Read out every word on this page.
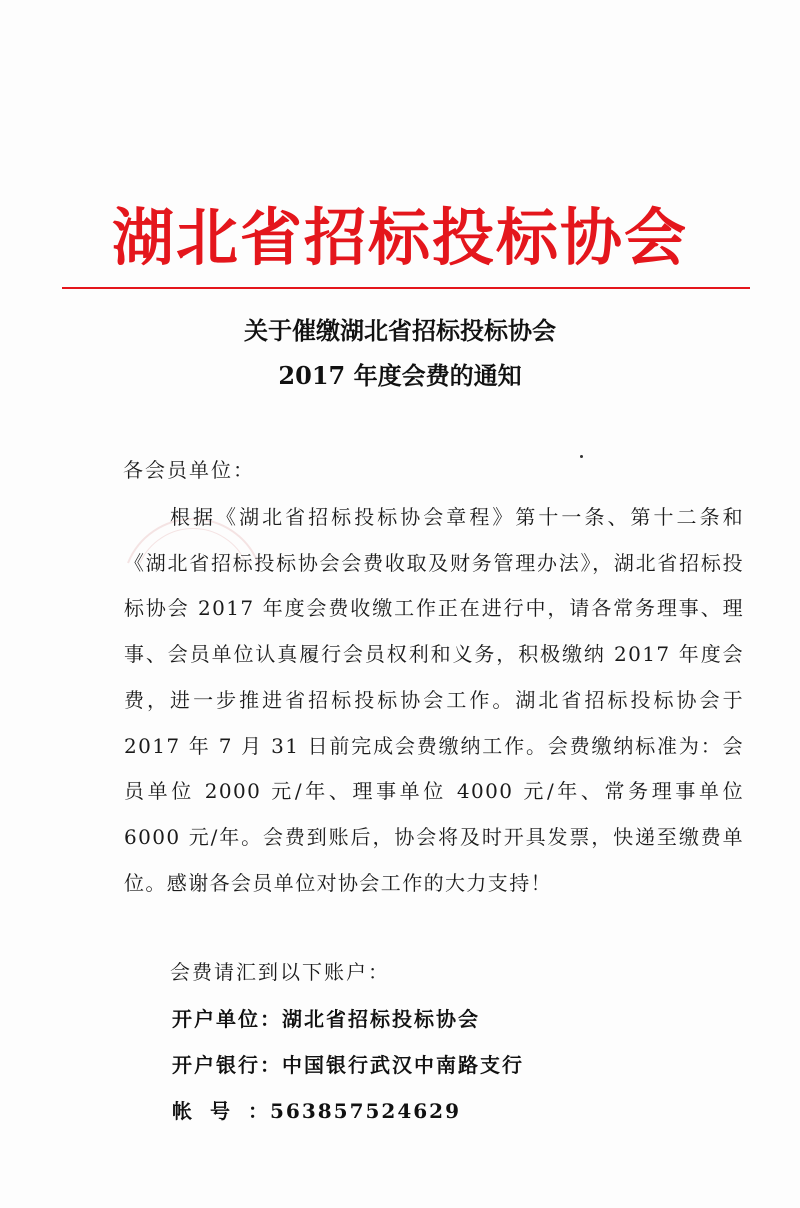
湖北省招标投标协会
关于催缴湖北省招标投标协会
2017 年度会费的通知
各会员单位：
根据《湖北省招标投标协会章程》第十一条、第十二条和《湖北省招标投标协会会费收取及财务管理办法》，湖北省招标投标协会 2017 年度会费收缴工作正在进行中，请各常务理事、理事、会员单位认真履行会员权利和义务，积极缴纳 2017 年度会费，进一步推进省招标投标协会工作。湖北省招标投标协会于2017 年 7 月 31 日前完成会费缴纳工作。会费缴纳标准为：会员单位 2000 元/年、理事单位 4000 元/年、常务理事单位 6000 元/年。会费到账后，协会将及时开具发票，快递至缴费单位。感谢各会员单位对协会工作的大力支持！
会费请汇到以下账户：
开户单位：湖北省招标投标协会
开户银行：中国银行武汉中南路支行
帐号：563857524629
